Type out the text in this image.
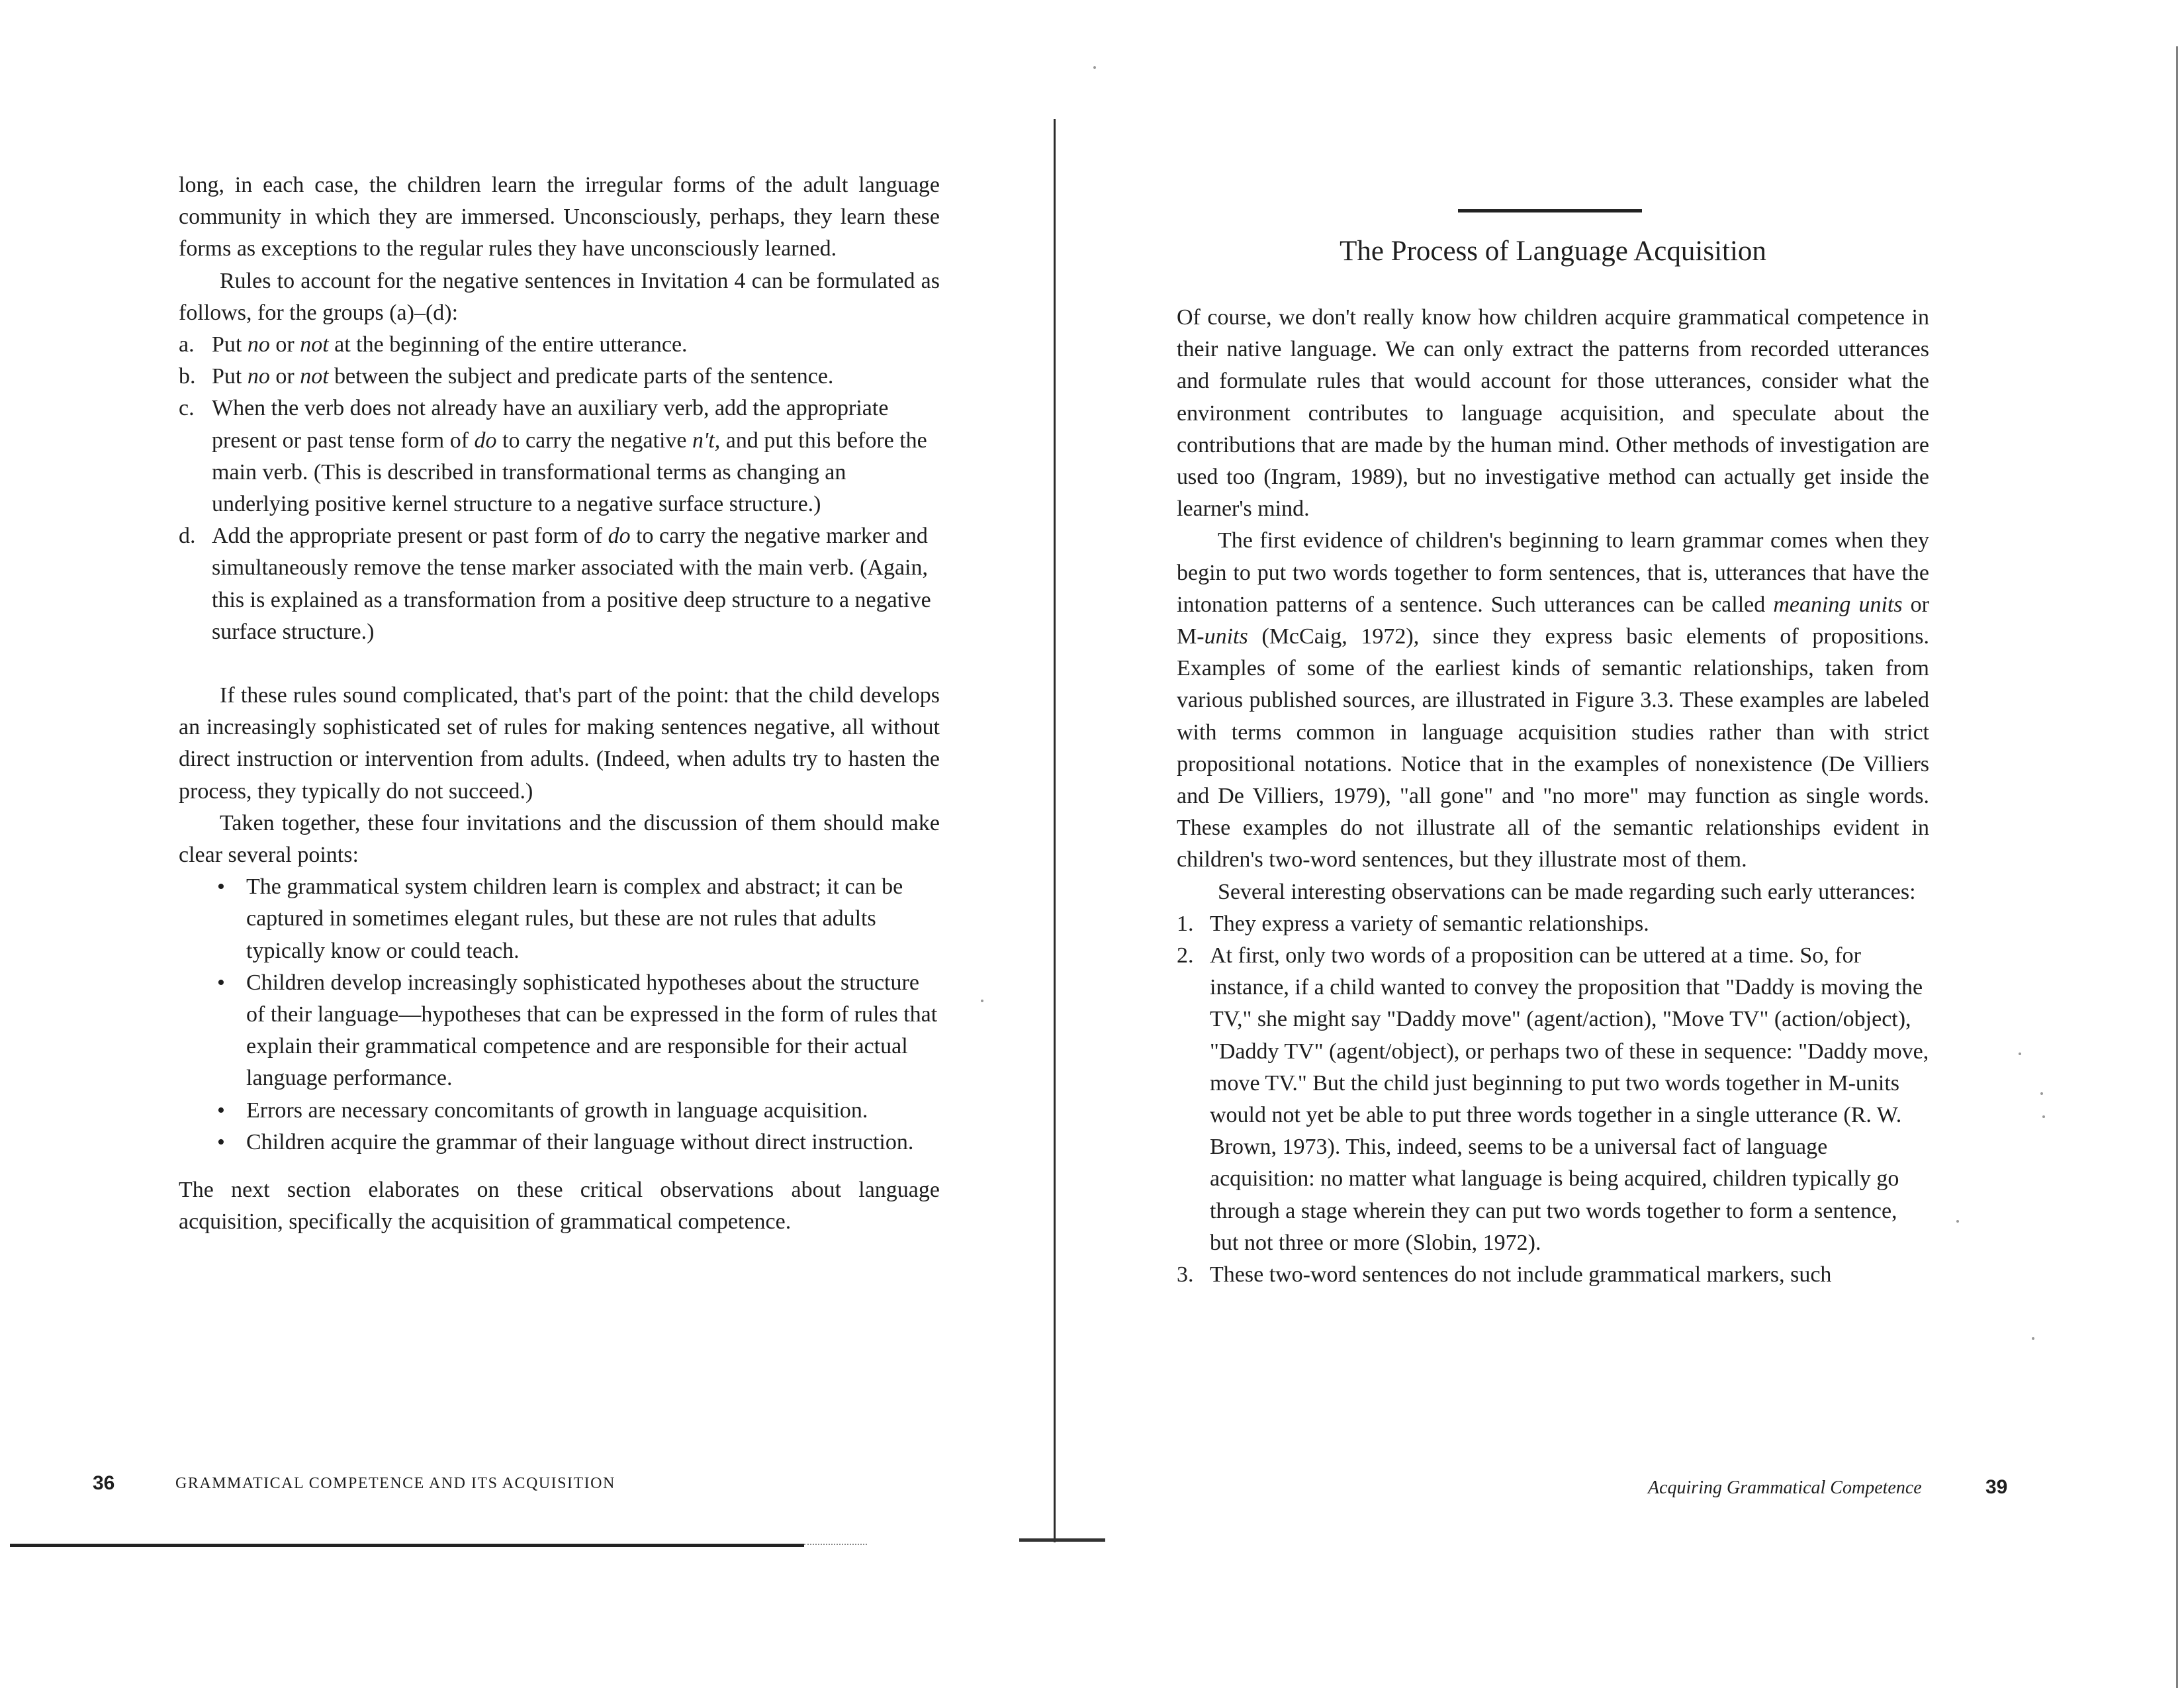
long, in each case, the children learn the irregular forms of the adult language community in which they are immersed. Unconsciously, perhaps, they learn these forms as exceptions to the regular rules they have unconsciously learned.

Rules to account for the negative sentences in Invitation 4 can be formulated as follows, for the groups (a)–(d):

a. Put no or not at the beginning of the entire utterance.
b. Put no or not between the subject and predicate parts of the sentence.
c. When the verb does not already have an auxiliary verb, add the appropriate present or past tense form of do to carry the negative n't, and put this before the main verb. (This is described in transformational terms as changing an underlying positive kernel structure to a negative surface structure.)
d. Add the appropriate present or past form of do to carry the negative marker and simultaneously remove the tense marker associated with the main verb. (Again, this is explained as a transformation from a positive deep structure to a negative surface structure.)

If these rules sound complicated, that's part of the point: that the child develops an increasingly sophisticated set of rules for making sentences negative, all without direct instruction or intervention from adults. (Indeed, when adults try to hasten the process, they typically do not succeed.)

Taken together, these four invitations and the discussion of them should make clear several points:

• The grammatical system children learn is complex and abstract; it can be captured in sometimes elegant rules, but these are not rules that adults typically know or could teach.
• Children develop increasingly sophisticated hypotheses about the structure of their language—hypotheses that can be expressed in the form of rules that explain their grammatical competence and are responsible for their actual language performance.
• Errors are necessary concomitants of growth in language acquisition.
• Children acquire the grammar of their language without direct instruction.

The next section elaborates on these critical observations about language acquisition, specifically the acquisition of grammatical competence.

36	GRAMMATICAL COMPETENCE AND ITS ACQUISITION
The Process of Language Acquisition

Of course, we don't really know how children acquire grammatical competence in their native language. We can only extract the patterns from recorded utterances and formulate rules that would account for those utterances, consider what the environment contributes to language acquisition, and speculate about the contributions that are made by the human mind. Other methods of investigation are used too (Ingram, 1989), but no investigative method can actually get inside the learner's mind.

The first evidence of children's beginning to learn grammar comes when they begin to put two words together to form sentences, that is, utterances that have the intonation patterns of a sentence. Such utterances can be called meaning units or M-units (McCaig, 1972), since they express basic elements of propositions. Examples of some of the earliest kinds of semantic relationships, taken from various published sources, are illustrated in Figure 3.3. These examples are labeled with terms common in language acquisition studies rather than with strict propositional notations. Notice that in the examples of nonexistence (De Villiers and De Villiers, 1979), "all gone" and "no more" may function as single words. These examples do not illustrate all of the semantic relationships evident in children's two-word sentences, but they illustrate most of them.

Several interesting observations can be made regarding such early utterances:

1. They express a variety of semantic relationships.
2. At first, only two words of a proposition can be uttered at a time. So, for instance, if a child wanted to convey the proposition that "Daddy is moving the TV," she might say "Daddy move" (agent/action), "Move TV" (action/object), "Daddy TV" (agent/object), or perhaps two of these in sequence: "Daddy move, move TV." But the child just beginning to put two words together in M-units would not yet be able to put three words together in a single utterance (R. W. Brown, 1973). This, indeed, seems to be a universal fact of language acquisition: no matter what language is being acquired, children typically go through a stage wherein they can put two words together to form a sentence, but not three or more (Slobin, 1972).
3. These two-word sentences do not include grammatical markers, such
Acquiring Grammatical Competence	39
